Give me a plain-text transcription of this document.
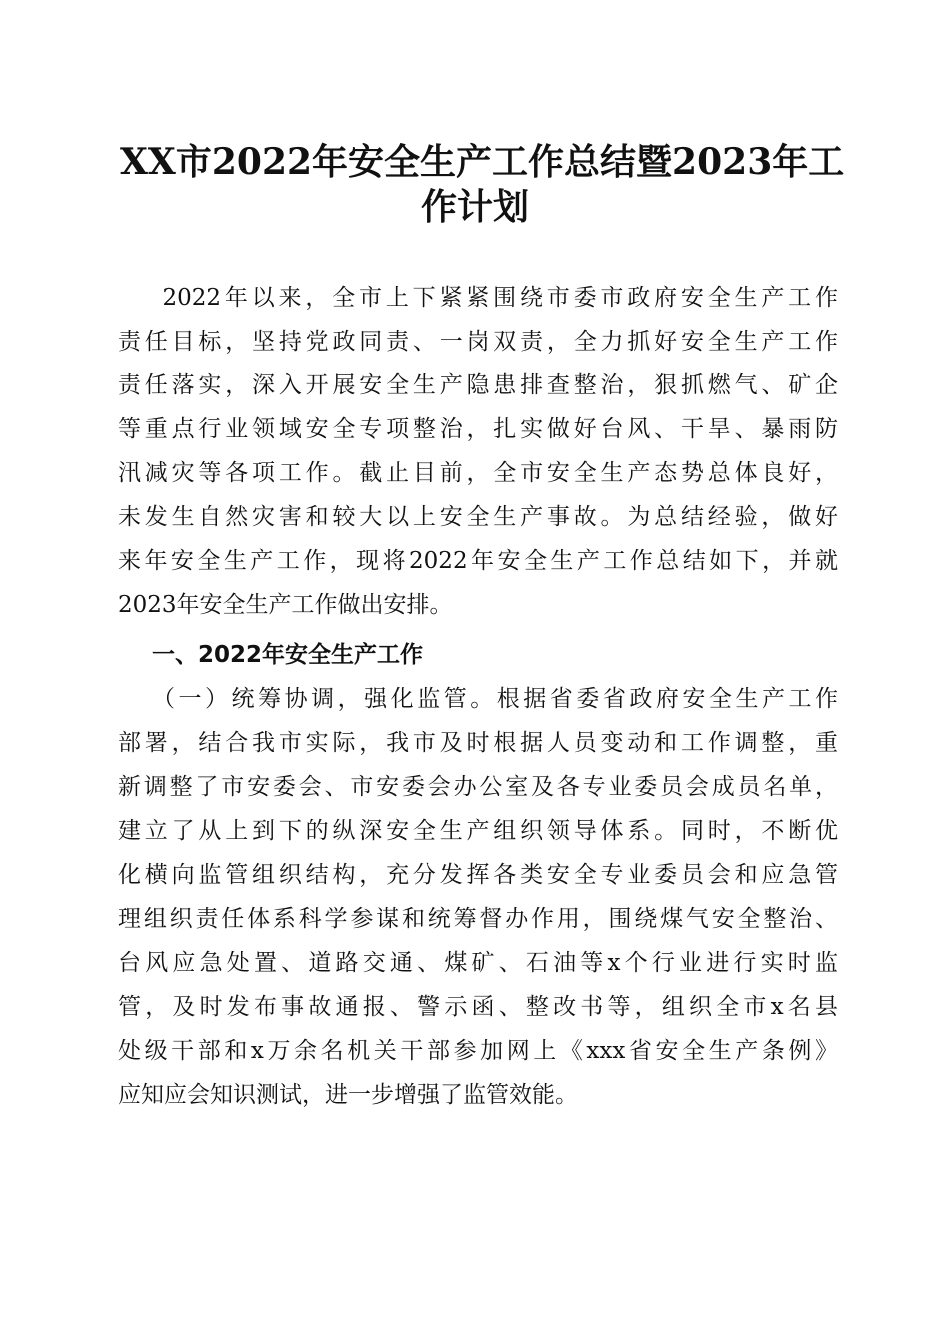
XX市2022年安全生产工作总结暨2023年工
作计划

2022年以来，全市上下紧紧围绕市委市政府安全生产工作

责任目标，坚持党政同责、一岗双责，全力抓好安全生产工作

责任落实，深入开展安全生产隐患排查整治，狠抓燃气、矿企

等重点行业领域安全专项整治，扎实做好台风、干旱、暴雨防

汛减灾等各项工作。截止目前，全市安全生产态势总体良好，

未发生自然灾害和较大以上安全生产事故。为总结经验，做好

来年安全生产工作，现将2022年安全生产工作总结如下，并就

2023年安全生产工作做出安排。

一、2022年安全生产工作

（一）统筹协调，强化监管。根据省委省政府安全生产工作

部署，结合我市实际，我市及时根据人员变动和工作调整，重

新调整了市安委会、市安委会办公室及各专业委员会成员名单，

建立了从上到下的纵深安全生产组织领导体系。同时，不断优

化横向监管组织结构，充分发挥各类安全专业委员会和应急管

理组织责任体系科学参谋和统筹督办作用，围绕煤气安全整治、

台风应急处置、道路交通、煤矿、石油等x个行业进行实时监

管，及时发布事故通报、警示函、整改书等，组织全市x名县

处级干部和x万余名机关干部参加网上《xxx省安全生产条例》

应知应会知识测试，进一步增强了监管效能。
